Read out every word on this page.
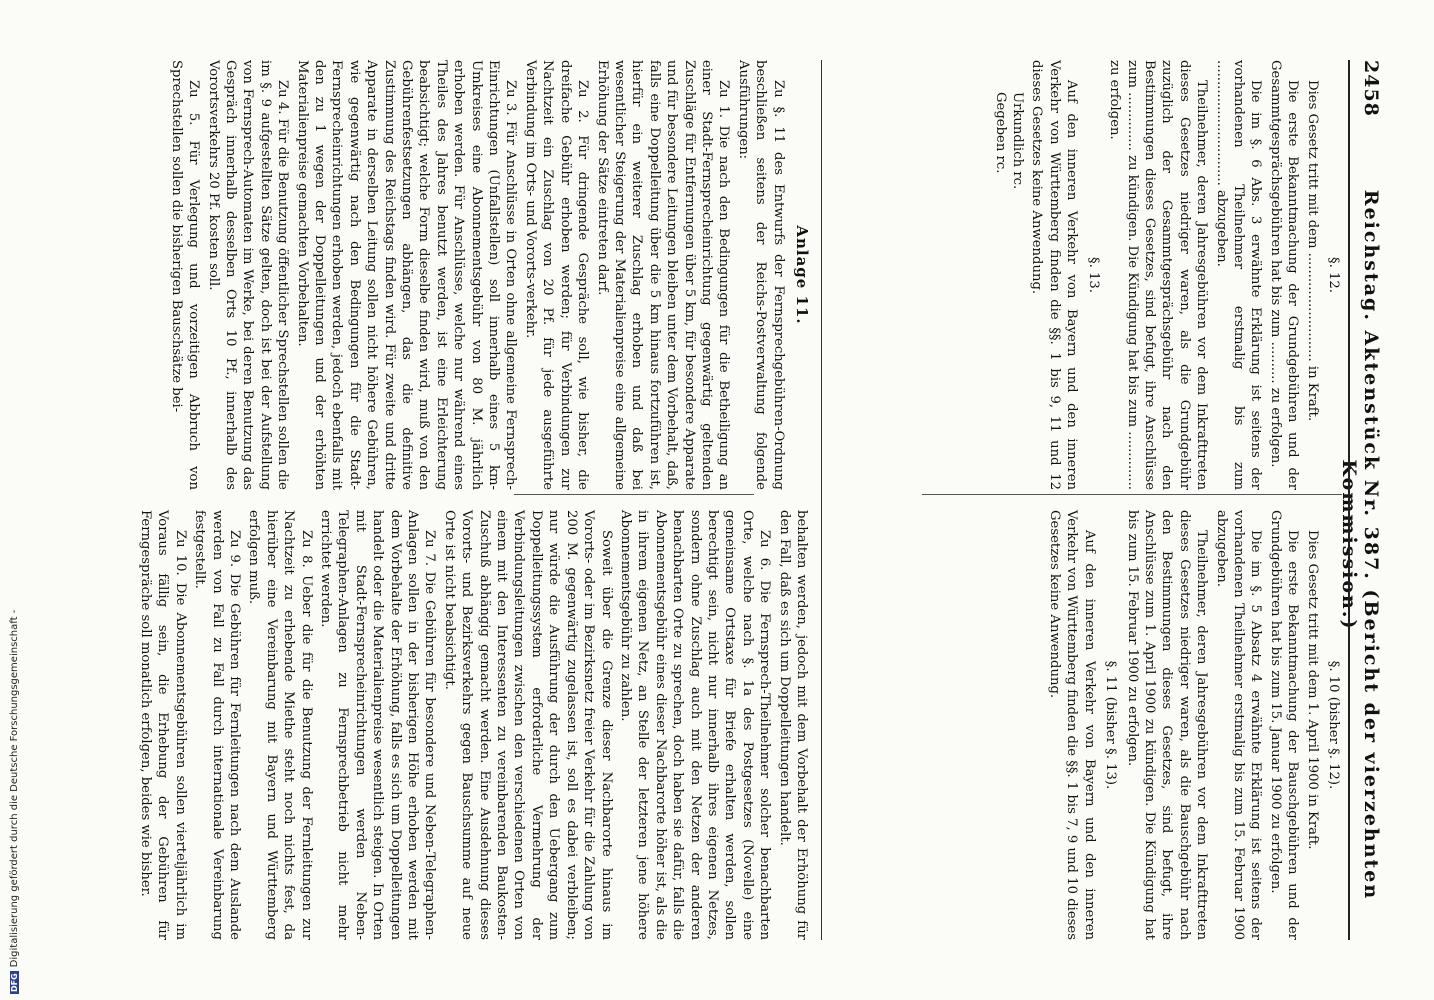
2458
Reichstag. Aktenstück Nr. 387. (Bericht der vierzehnten Kommission.)

§. 12.

Dies Gesetz tritt mit dem .......................... in Kraft.

Die erste Bekanntmachung der Grundgebühren und der Gesammtgesprächsgebühren hat bis zum .......... zu erfolgen.

Die im §. 6 Abs. 3 erwähnte Erklärung ist seitens der vorhandenen Theilnehmer erstmalig bis zum .............................. abzugeben.

Theilnehmer, deren Jahresgebühren vor dem Inkrafttreten dieses Gesetzes niedriger waren, als die Grundgebühr zuzüglich der Gesammtgesprächsgebühr nach den Bestimmungen dieses Gesetzes, sind befugt, ihre Anschlüsse zum .............. zu kündigen. Die Kündigung hat bis zum .............. zu erfolgen.

§. 13.

Auf den inneren Verkehr von Bayern und den inneren Verkehr von Württemberg finden die §§. 1 bis 9, 11 und 12 dieses Gesetzes keine Anwendung.

Urkundlich rc.

Gegeben rc.

§. 10 (bisher §. 12).

Dies Gesetz tritt mit dem 1. April 1900 in Kraft.

Die erste Bekanntmachung der Bauschgebühren und der Grundgebühren hat bis zum 15. Januar 1900 zu erfolgen.

Die im §. 5 Absatz 4 erwähnte Erklärung ist seitens der vorhandenen Theilnehmer erstmalig bis zum 15. Februar 1900 abzugeben.

Theilnehmer, deren Jahresgebühren vor dem Inkrafttreten dieses Gesetzes niedriger waren, als die Bauschgebühr nach den Bestimmungen dieses Gesetzes, sind befugt, ihre Anschlüsse zum 1. April 1900 zu kündigen. Die Kündigung hat bis zum 15. Februar 1900 zu erfolgen.

§. 11 (bisher §. 13).

Auf den inneren Verkehr von Bayern und den inneren Verkehr von Württemberg finden die §§. 1 bis 7, 9 und 10 dieses Gesetzes keine Anwendung.

Anlage 11.

Zu §. 11 des Entwurfs der Fernsprechgebühren-Ordnung beschließen seitens der Reichs-Postverwaltung folgende Ausführungen:

Zu 1. Die nach den Bedingungen für die Betheiligung an einer Stadt-Fernsprecheinrichtung gegenwärtig geltenden Zuschläge für Entfernungen über 5 km, für besondere Apparate und für besondere Leitungen bleiben unter dem Vorbehalt, daß, falls eine Doppelleitung über die 5 km hinaus fortzuführen ist, hierfür ein weiterer Zuschlag erhoben und daß bei wesentlicher Steigerung der Materialienpreise eine allgemeine Erhöhung der Sätze eintreten darf.

Zu 2. Für dringende Gespräche soll, wie bisher, die dreifache Gebühr erhoben werden; für Verbindungen zur Nachtzeit ein Zuschlag von 20 Pf. für jede ausgeführte Verbindung im Orts- und Vororts-verkehr.

Zu 3. Für Anschlüsse in Orten ohne allgemeine Fernsprech-Einrichtungen (Unfallstellen) soll innerhalb eines 5 km-Umkreises eine Abonnementsgebühr von 80 M. jährlich erhoben werden. Für Anschlüsse, welche nur während eines Theiles des Jahres benutzt werden, ist eine Erleichterung beabsichtigt; welche Form dieselbe finden wird, muß von den Gebührenfestsetzungen abhängen, das die definitive Zustimmung des Reichstags finden wird. Für zweite und dritte Apparate in derselben Leitung sollen nicht höhere Gebühren, wie gegenwärtig nach den Bedingungen für die Stadt-Fernsprecheinrichtungen erhoben werden, jedoch ebenfalls mit den zu 1 wegen der Doppelleitungen und der erhöhten Materialienpreise gemachten Vorbehalten.

Zu 4. Für die Benutzung öffentlicher Sprechstellen sollen die im §. 9 aufgestellten Sätze gelten, doch ist bei der Aufstellung von Fernsprech-Automaten im Werke, bei deren Benutzung das Gespräch innerhalb desselben Orts 10 Pf., innerhalb des Vorortsverkehrs 20 Pf. kosten soll.

Zu 5. Für Verlegung und vorzeitigen Abbruch von Sprechstellen sollen die bisherigen Bauschsätze bei-

behalten werden, jedoch mit dem Vorbehalt der Erhöhung für den Fall, daß es sich um Doppelleitungen handelt.

Zu 6. Die Fernsprech-Theilnehmer solcher benachbarten Orte, welche nach §. 1a des Postgesetzes (Novelle) eine gemeinsame Ortstaxe für Briefe erhalten werden, sollen berechtigt sein, nicht nur innerhalb ihres eigenen Netzes, sondern ohne Zuschlag auch mit den Netzen der anderen benachbarten Orte zu sprechen, doch haben sie dafür, falls die Abonnementsgebühr eines dieser Nachbarorte höher ist, als die in ihrem eigenen Netz, an Stelle der letzteren jene höhere Abonnementsgebühr zu zahlen.

Soweit über die Grenze dieser Nachbarorte hinaus im Vororts- oder im Bezirksnetz freier Verkehr für die Zahlung von 200 M. gegenwärtig zugelassen ist, soll es dabei verbleiben; nur würde die Ausführung der durch den Uebergang zum Doppelleitungssystem erforderliche Vermehrung der Verbindungsleitungen zwischen den verschiedenen Orten von einem mit den Interessenten zu vereinbarenden Baukosten-Zuschuß abhängig gemacht werden. Eine Ausdehnung dieses Vororts- und Bezirksverkehrs gegen Bauschsumme auf neue Orte ist nicht beabsichtigt.

Zu 7. Die Gebühren für besondere und Neben-Telegraphen-Anlagen sollen in der bisherigen Höhe erhoben werden mit dem Vorbehalte der Erhöhung, falls es sich um Doppelleitungen handelt oder die Materialienpreise wesentlich steigen. In Orten mit Stadt-Fernsprecheinrichtungen werden Neben-Telegraphen-Anlagen zu Fernsprechbetrieb nicht mehr errichtet werden.

Zu 8. Ueber die für die Benutzung der Fernleitungen zur Nachtzeit zu erhebende Miethe steht noch nichts fest, da hierüber eine Vereinbarung mit Bayern und Württemberg erfolgen muß.

Zu 9. Die Gebühren für Fernleitungen nach dem Auslande werden von Fall zu Fall durch internationale Vereinbarung festgestellt.

Zu 10. Die Abonnementsgebühren sollen vierteljährlich im Voraus fällig sein, die Erhebung der Gebühren für Ferngespräche soll monatlich erfolgen, beides wie bisher.

DFGDigitalisierung gefördert durch die Deutsche Forschungsgemeinschaft -
